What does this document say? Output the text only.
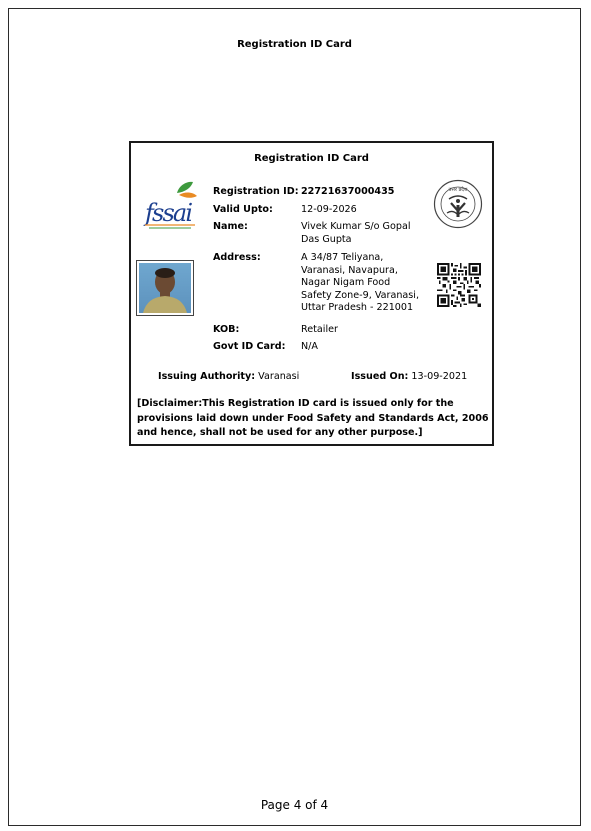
Registration ID Card
Registration ID Card
fssai
उत्तर प्रदेश
Registration ID: 22721637000435
Valid Upto:	12-09-2026
Name:	Vivek Kumar S/o Gopal
Das Gupta
Address:	A 34/87 Teliyana,
Varanasi, Navapura,
Nagar Nigam Food
Safety Zone-9, Varanasi,
Uttar Pradesh - 221001
KOB:	Retailer
Govt ID Card: N/A
Issuing Authority: Varanasi	Issued On: 13-09-2021
[Disclaimer:This Registration ID card is issued only for the provisions laid down under Food Safety and Standards Act, 2006 and hence, shall not be used for any other purpose.]
Page 4 of 4
